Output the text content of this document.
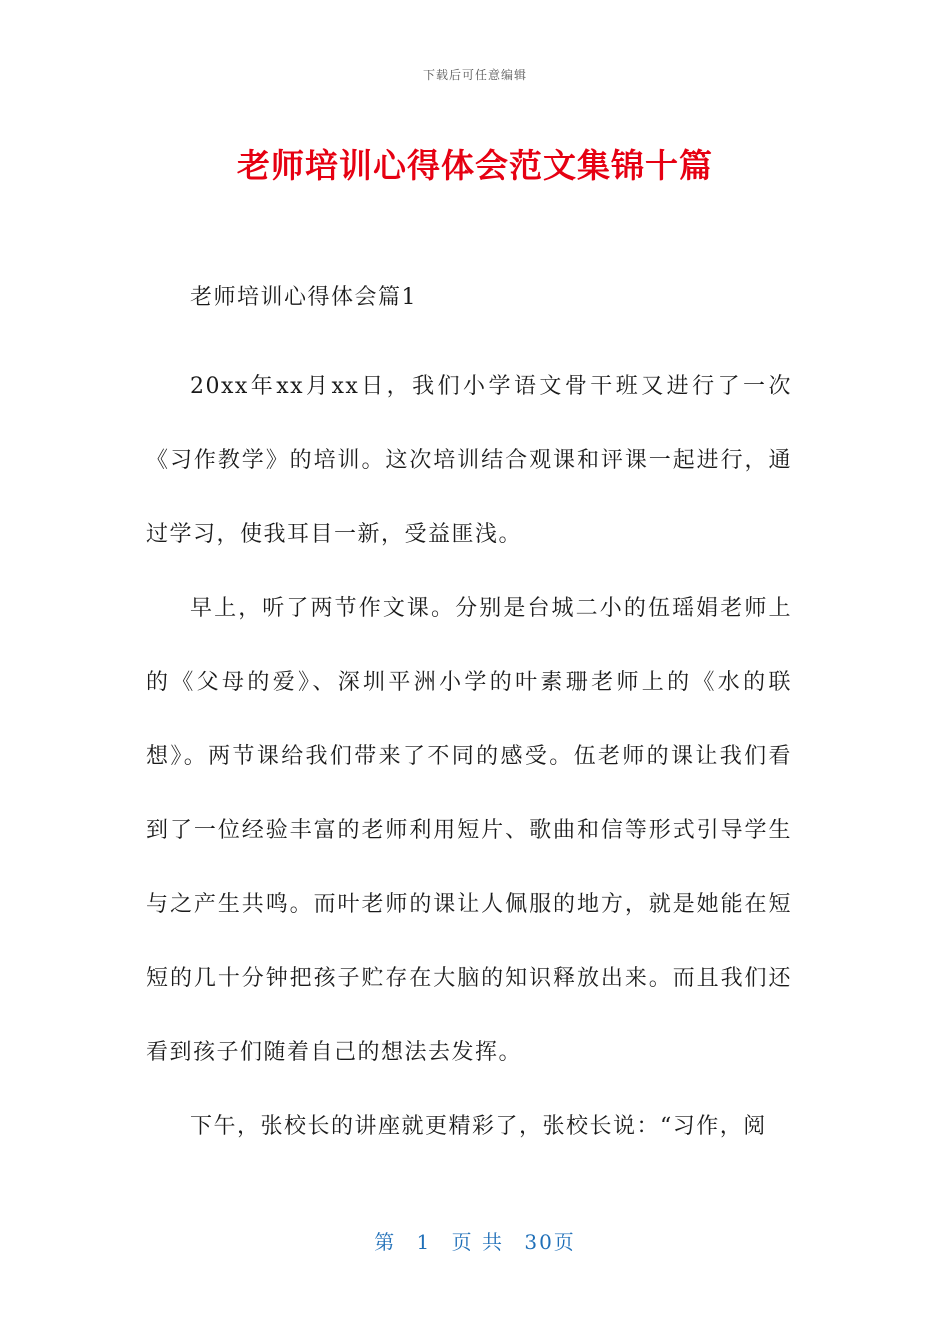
下载后可任意编辑
老师培训心得体会范文集锦十篇

老师培训心得体会篇1

20xx年xx月xx日，我们小学语文骨干班又进行了一次《习作教学》的培训。这次培训结合观课和评课一起进行，通过学习，使我耳目一新，受益匪浅。

早上，听了两节作文课。分别是台城二小的伍瑶娟老师上的《父母的爱》、深圳平洲小学的叶素珊老师上的《水的联想》。两节课给我们带来了不同的感受。伍老师的课让我们看到了一位经验丰富的老师利用短片、歌曲和信等形式引导学生与之产生共鸣。而叶老师的课让人佩服的地方，就是她能在短短的几十分钟把孩子贮存在大脑的知识释放出来。而且我们还看到孩子们随着自己的想法去发挥。

下午，张校长的讲座就更精彩了，张校长说：“习作，阅

第 1 页 共 30页
